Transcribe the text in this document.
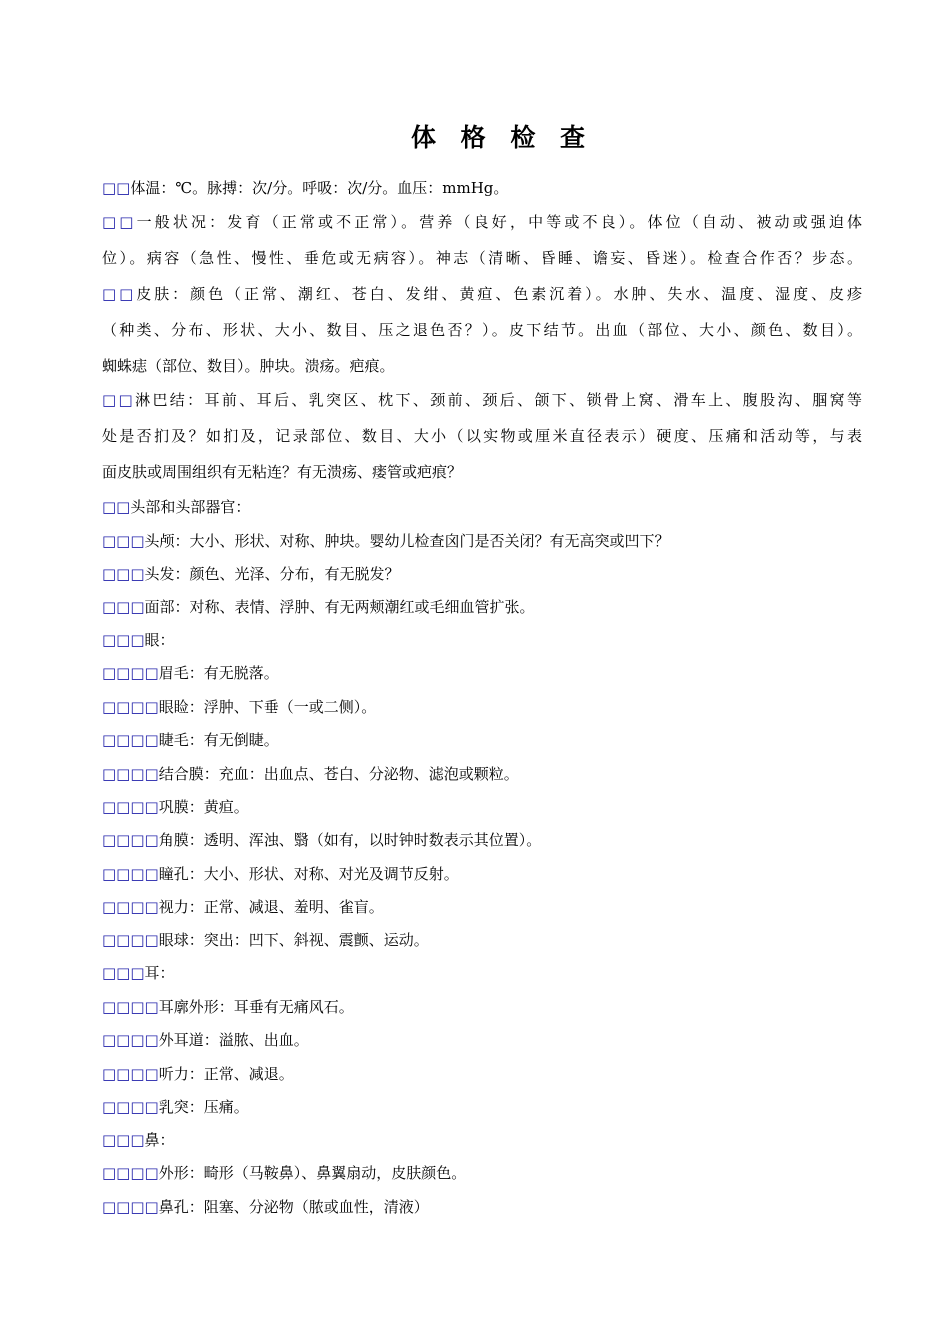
体 格 检 查
□□体温：℃。脉搏：次/分。呼吸：次/分。血压：mmHg。
□□一般状况：发育（正常或不正常）。营养（良好，中等或不良）。体位（自动、被动或强迫体
位）。病容（急性、慢性、垂危或无病容）。神志（清晰、昏睡、谵妄、昏迷）。检查合作否？步态。
□□皮肤：颜色（正常、潮红、苍白、发绀、黄疸、色素沉着）。水肿、失水、温度、湿度、皮疹
（种类、分布、形状、大小、数目、压之退色否？）。皮下结节。出血（部位、大小、颜色、数目）。
蜘蛛痣（部位、数目）。肿块。溃疡。疤痕。
□□淋巴结：耳前、耳后、乳突区、枕下、颈前、颈后、颌下、锁骨上窝、滑车上、腹股沟、腘窝等
处是否扪及？如扪及，记录部位、数目、大小（以实物或厘米直径表示）硬度、压痛和活动等，与表
面皮肤或周围组织有无粘连？有无溃疡、瘘管或疤痕？
□□头部和头部器官：
□□□头颅：大小、形状、对称、肿块。婴幼儿检查囟门是否关闭？有无高突或凹下？
□□□头发：颜色、光泽、分布，有无脱发？
□□□面部：对称、表情、浮肿、有无两颊潮红或毛细血管扩张。
□□□眼：
□□□□眉毛：有无脱落。
□□□□眼睑：浮肿、下垂（一或二侧）。
□□□□睫毛：有无倒睫。
□□□□结合膜：充血：出血点、苍白、分泌物、滤泡或颗粒。
□□□□巩膜：黄疸。
□□□□角膜：透明、浑浊、翳（如有，以时钟时数表示其位置）。
□□□□瞳孔：大小、形状、对称、对光及调节反射。
□□□□视力：正常、减退、羞明、雀盲。
□□□□眼球：突出：凹下、斜视、震颤、运动。
□□□耳：
□□□□耳廓外形：耳垂有无痛风石。
□□□□外耳道：溢脓、出血。
□□□□听力：正常、减退。
□□□□乳突：压痛。
□□□鼻：
□□□□外形：畸形（马鞍鼻）、鼻翼扇动，皮肤颜色。
□□□□鼻孔：阻塞、分泌物（脓或血性，清液）
